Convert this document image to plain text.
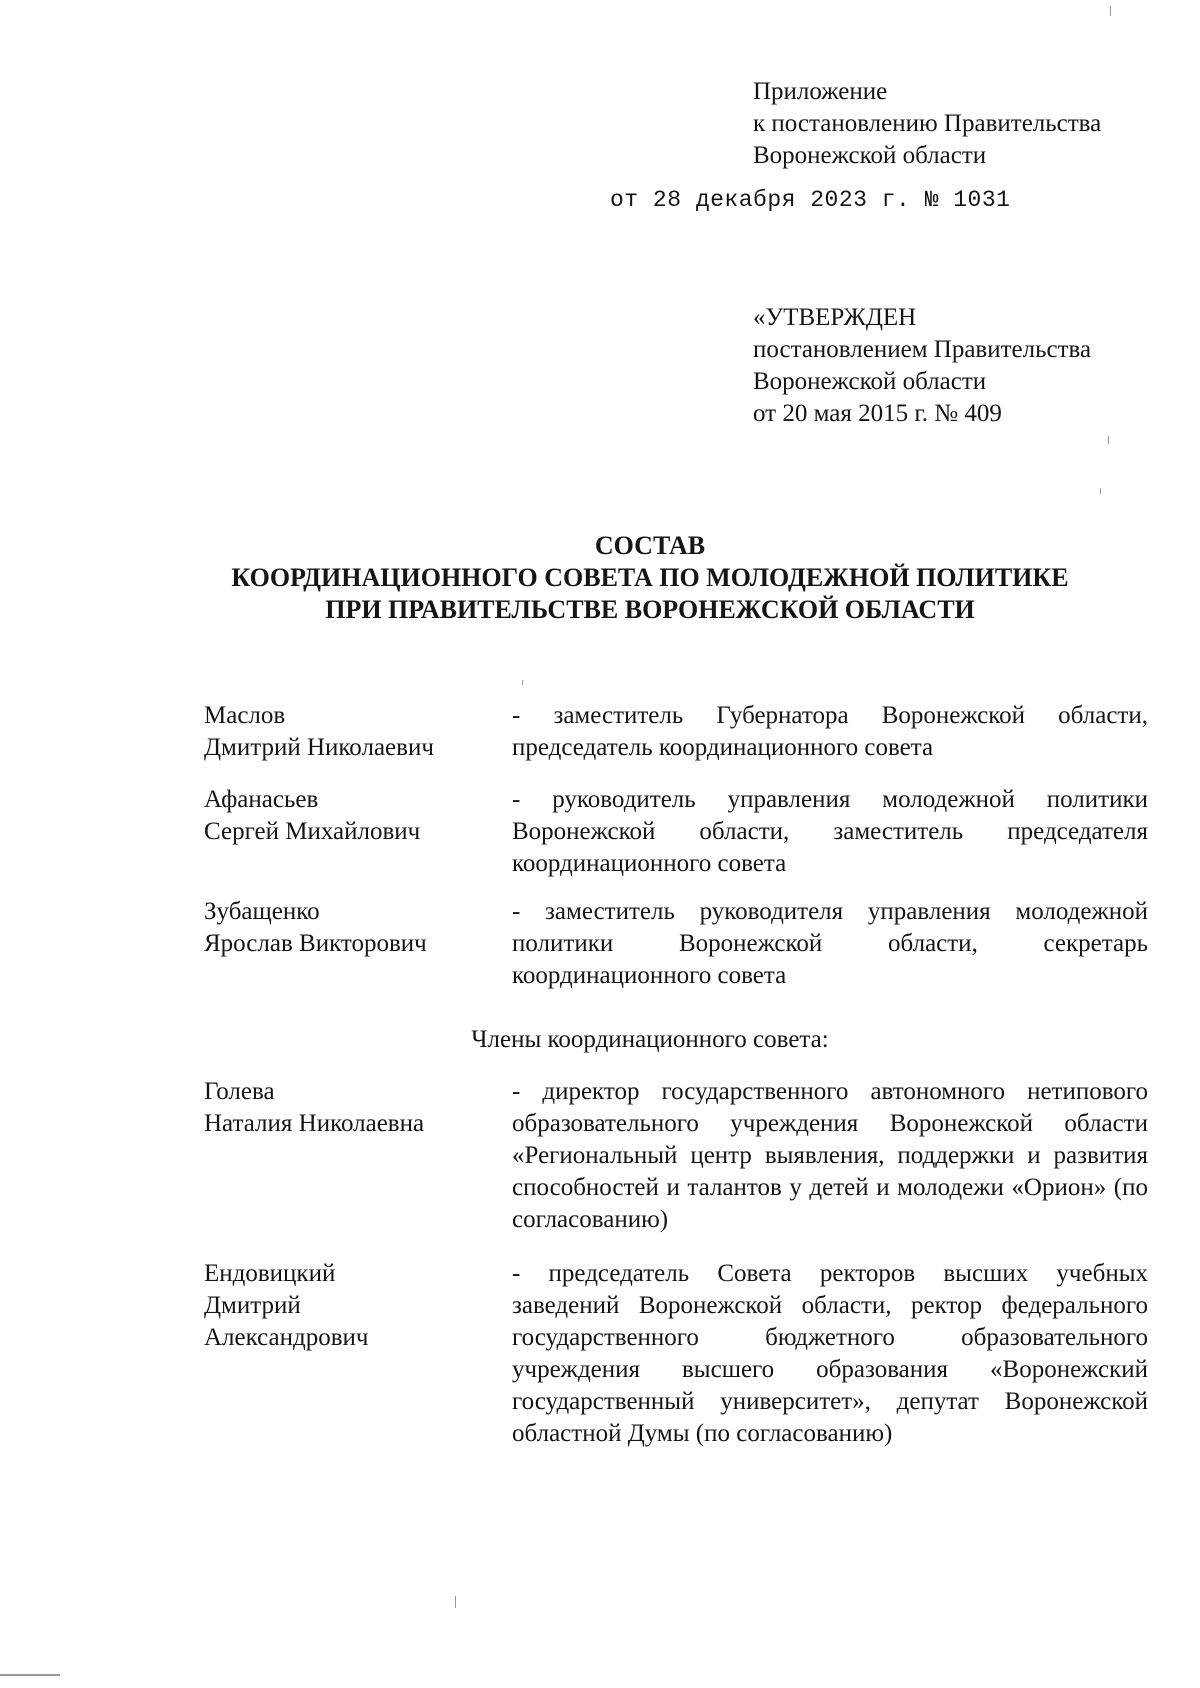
Приложение
к постановлению Правительства
Воронежской области
от 28 декабря 2023 г. № 1031
«УТВЕРЖДЕН
постановлением Правительства
Воронежской области
от 20 мая 2015 г. № 409
СОСТАВ
КООРДИНАЦИОННОГО СОВЕТА ПО МОЛОДЕЖНОЙ ПОЛИТИКЕ
ПРИ ПРАВИТЕЛЬСТВЕ ВОРОНЕЖСКОЙ ОБЛАСТИ
Маслов
Дмитрий Николаевич
- заместитель Губернатора Воронежской области, председатель координационного совета
Афанасьев
Сергей Михайлович
- руководитель управления молодежной политики Воронежской области, заместитель председателя координационного совета
Зубащенко
Ярослав Викторович
- заместитель руководителя управления молодежной политики Воронежской области, секретарь координационного совета
Члены координационного совета:
Голева
Наталия Николаевна
- директор государственного автономного нетипового образовательного учреждения Воронежской области «Региональный центр выявления, поддержки и развития способностей и талантов у детей и молодежи «Орион» (по согласованию)
Ендовицкий
Дмитрий
Александрович
- председатель Совета ректоров высших учебных заведений Воронежской области, ректор федерального государственного бюджетного образовательного учреждения высшего образования «Воронежский государственный университет», депутат Воронежской областной Думы (по согласованию)
